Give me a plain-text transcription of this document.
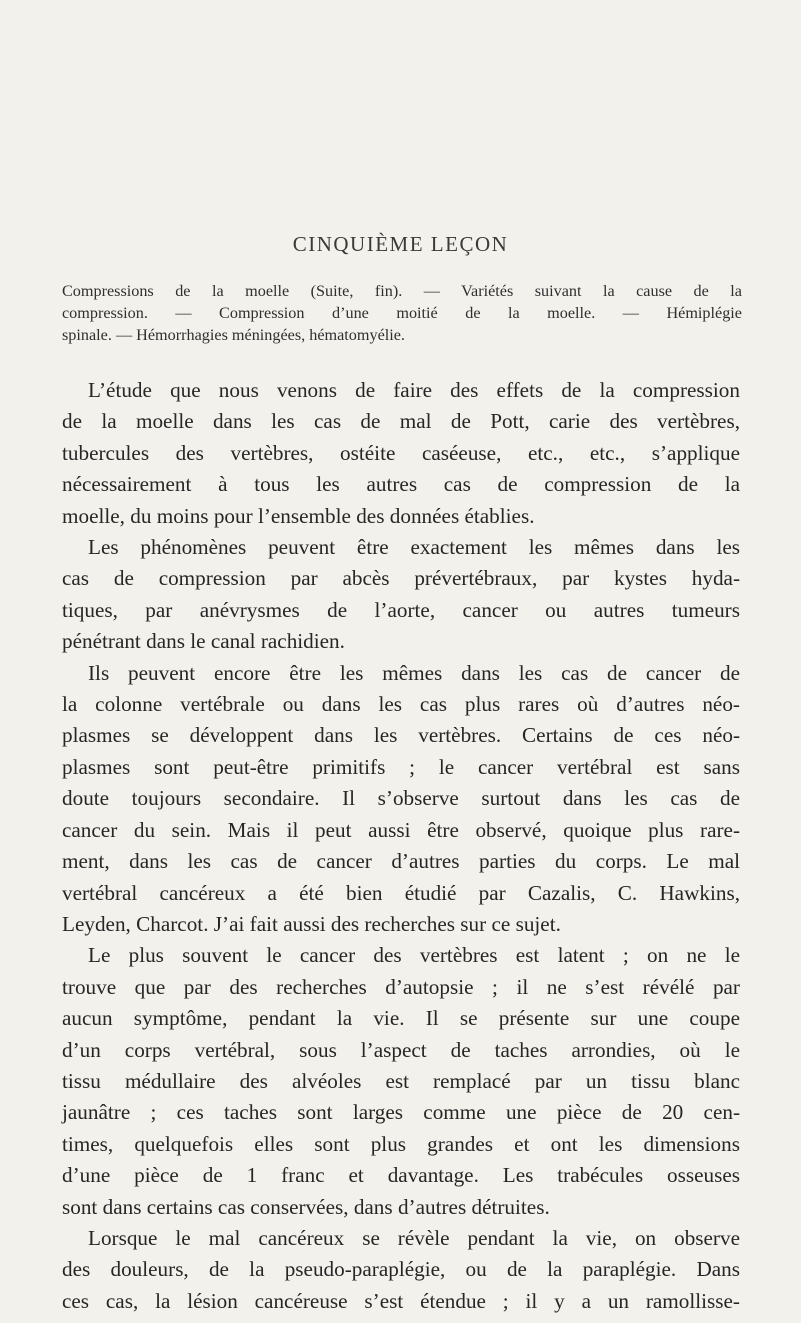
CINQUIÈME LEÇON
Compressions de la moelle (Suite, fin). — Variétés suivant la cause de la
compression. — Compression d’une moitié de la moelle. — Hémiplégie
spinale. — Hémorrhagies méningées, hématomyélie.
L’étude que nous venons de faire des effets de la compression
de la moelle dans les cas de mal de Pott, carie des vertèbres,
tubercules des vertèbres, ostéite caséeuse, etc., etc., s’applique
nécessairement à tous les autres cas de compression de la
moelle, du moins pour l’ensemble des données établies.
Les phénomènes peuvent être exactement les mêmes dans les
cas de compression par abcès prévertébraux, par kystes hyda-
tiques, par anévrysmes de l’aorte, cancer ou autres tumeurs
pénétrant dans le canal rachidien.
Ils peuvent encore être les mêmes dans les cas de cancer de
la colonne vertébrale ou dans les cas plus rares où d’autres néo-
plasmes se développent dans les vertèbres. Certains de ces néo-
plasmes sont peut-être primitifs ; le cancer vertébral est sans
doute toujours secondaire. Il s’observe surtout dans les cas de
cancer du sein. Mais il peut aussi être observé, quoique plus rare-
ment, dans les cas de cancer d’autres parties du corps. Le mal
vertébral cancéreux a été bien étudié par Cazalis, C. Hawkins,
Leyden, Charcot. J’ai fait aussi des recherches sur ce sujet.
Le plus souvent le cancer des vertèbres est latent ; on ne le
trouve que par des recherches d’autopsie ; il ne s’est révélé par
aucun symptôme, pendant la vie. Il se présente sur une coupe
d’un corps vertébral, sous l’aspect de taches arrondies, où le
tissu médullaire des alvéoles est remplacé par un tissu blanc
jaunâtre ; ces taches sont larges comme une pièce de 20 cen-
times, quelquefois elles sont plus grandes et ont les dimensions
d’une pièce de 1 franc et davantage. Les trabécules osseuses
sont dans certains cas conservées, dans d’autres détruites.
Lorsque le mal cancéreux se révèle pendant la vie, on observe
des douleurs, de la pseudo-paraplégie, ou de la paraplégie. Dans
ces cas, la lésion cancéreuse s’est étendue ; il y a un ramollisse-
